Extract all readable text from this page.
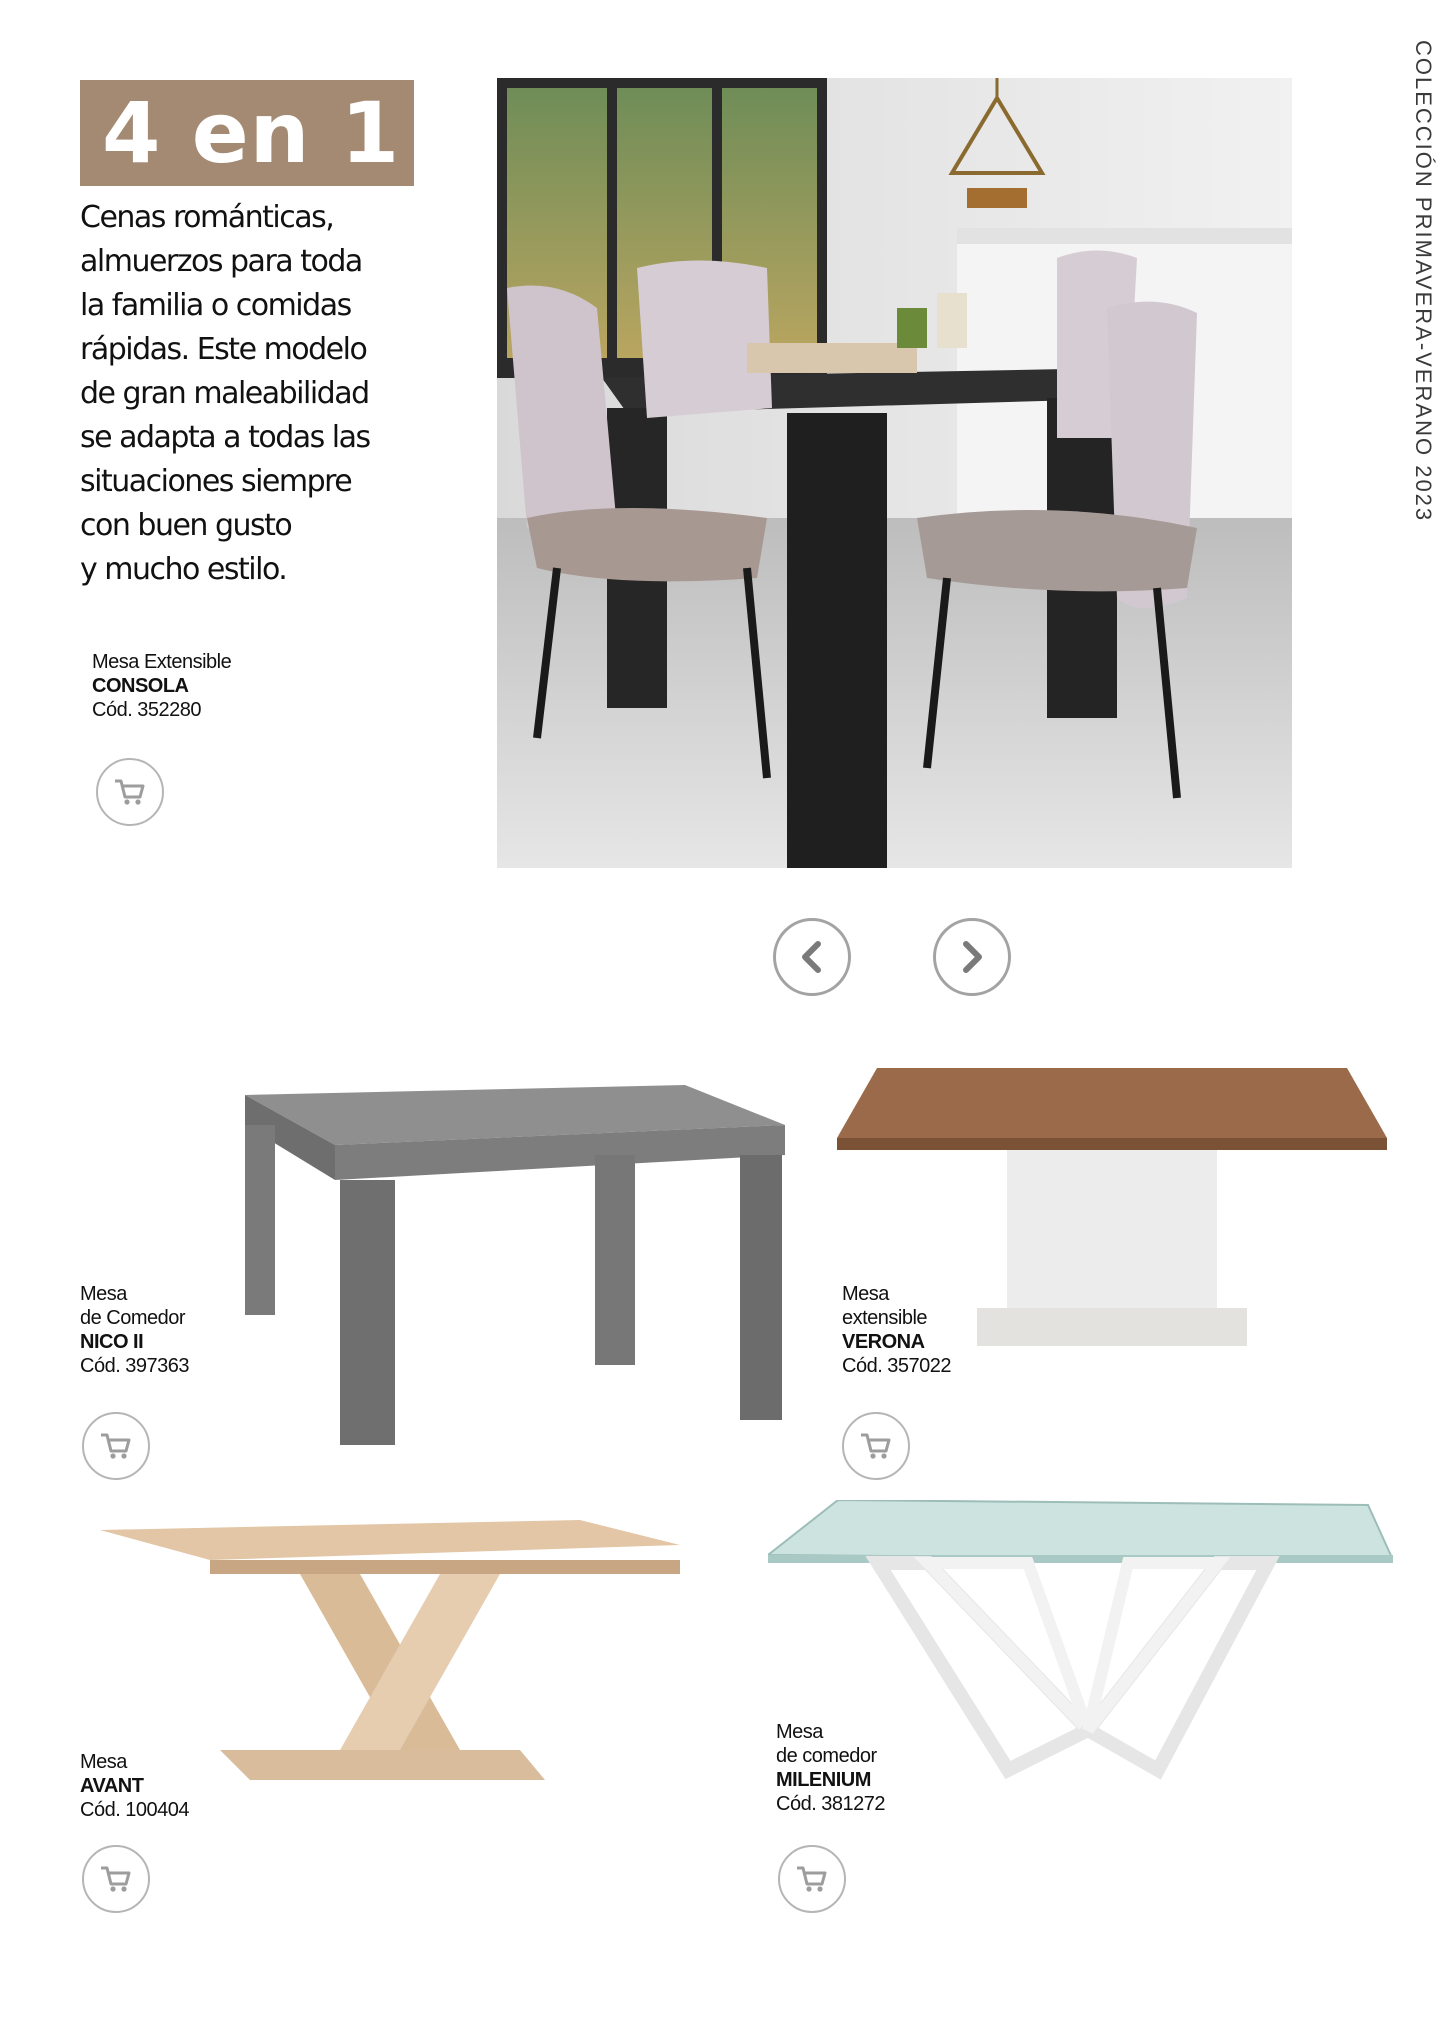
4 en 1
Cenas románticas,
almuerzos para toda
la familia o comidas
rápidas. Este modelo
de gran maleabilidad
se adapta a todas las
situaciones siempre
con buen gusto
y mucho estilo.
Mesa Extensible
CONSOLA
Cód. 352280
COLECCIÓN PRIMAVERA-VERANO 2023
Mesa
de Comedor
NICO II
Cód. 397363
Mesa
extensible
VERONA
Cód. 357022
Mesa
AVANT
Cód. 100404
Mesa
de comedor
MILENIUM
Cód. 381272
